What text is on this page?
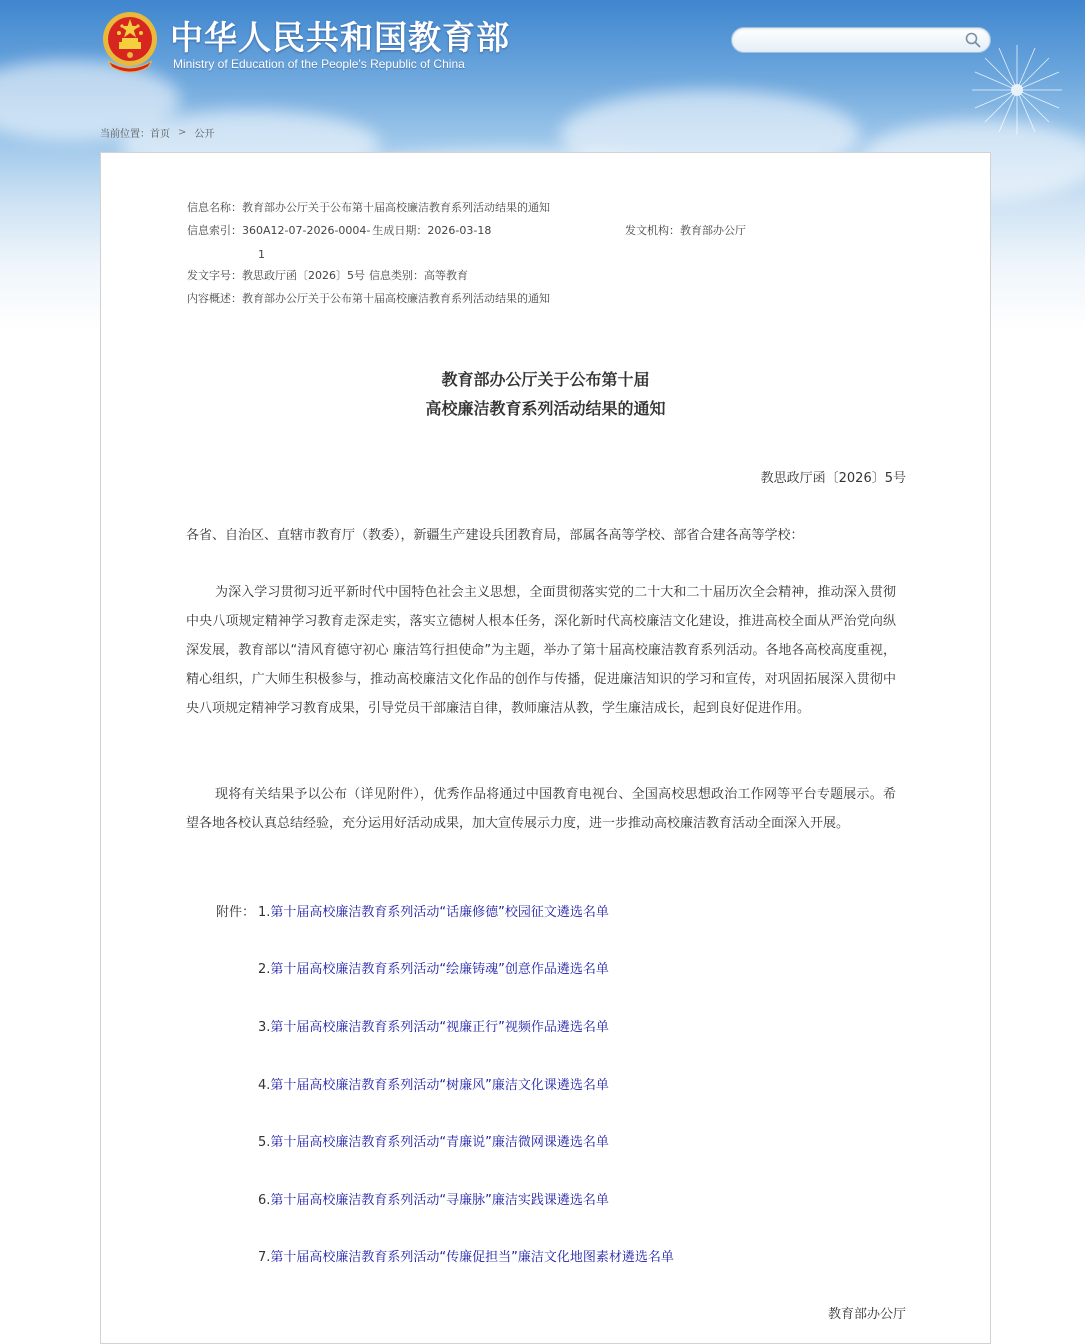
中华人民共和国教育部
Ministry of Education of the People's Republic of China
当前位置：首页 > 公开
信息名称：教育部办公厅关于公布第十届高校廉洁教育系列活动结果的通知
信息索引：360A12-07-2026-0004- 生成日期：2026-03-18	发文机构：教育部办公厅
1
发文字号：教思政厅函〔2026〕5号 信息类别：高等教育
内容概述：教育部办公厅关于公布第十届高校廉洁教育系列活动结果的通知
教育部办公厅关于公布第十届
高校廉洁教育系列活动结果的通知
教思政厅函〔2026〕5号
各省、自治区、直辖市教育厅（教委），新疆生产建设兵团教育局，部属各高等学校、部省合建各高等学校：
为深入学习贯彻习近平新时代中国特色社会主义思想，全面贯彻落实党的二十大和二十届历次全会精神，推动深入贯彻中央八项规定精神学习教育走深走实，落实立德树人根本任务，深化新时代高校廉洁文化建设，推进高校全面从严治党向纵深发展，教育部以“清风育德守初心 廉洁笃行担使命”为主题，举办了第十届高校廉洁教育系列活动。各地各高校高度重视，精心组织，广大师生积极参与，推动高校廉洁文化作品的创作与传播，促进廉洁知识的学习和宣传，对巩固拓展深入贯彻中央八项规定精神学习教育成果，引导党员干部廉洁自律，教师廉洁从教，学生廉洁成长，起到良好促进作用。
现将有关结果予以公布（详见附件），优秀作品将通过中国教育电视台、全国高校思想政治工作网等平台专题展示。希望各地各校认真总结经验，充分运用好活动成果，加大宣传展示力度，进一步推动高校廉洁教育活动全面深入开展。
附件： 1.第十届高校廉洁教育系列活动“话廉修德”校园征文遴选名单
2.第十届高校廉洁教育系列活动“绘廉铸魂”创意作品遴选名单
3.第十届高校廉洁教育系列活动“视廉正行”视频作品遴选名单
4.第十届高校廉洁教育系列活动“树廉风”廉洁文化课遴选名单
5.第十届高校廉洁教育系列活动“青廉说”廉洁微网课遴选名单
6.第十届高校廉洁教育系列活动“寻廉脉”廉洁实践课遴选名单
7.第十届高校廉洁教育系列活动“传廉促担当”廉洁文化地图素材遴选名单
教育部办公厅
